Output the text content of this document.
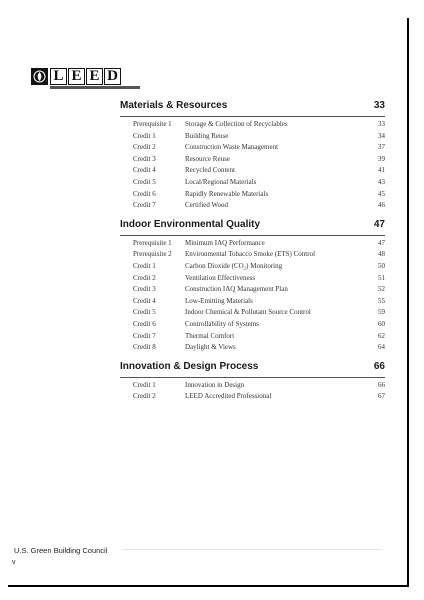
L E E D
Materials & Resources	33
Prerequisite 1	Storage & Collection of Recyclables	33
Credit 1	Building Reuse	34
Credit 2	Construction Waste Management	37
Credit 3	Resource Reuse	39
Credit 4	Recycled Content	41
Credit 5	Local/Regional Materials	43
Credit 6	Rapidly Renewable Materials	45
Credit 7	Certified Wood	46
Indoor Environmental Quality	47
Prerequisite 1	Minimum IAQ Performance	47
Prerequisite 2	Environmental Tobacco Smoke (ETS) Control	48
Credit 1	Carbon Dioxide (CO₂) Monitoring	50
Credit 2	Ventilation Effectiveness	51
Credit 3	Construction IAQ Management Plan	52
Credit 4	Low-Emitting Materials	55
Credit 5	Indoor Chemical & Pollutant Source Control	59
Credit 6	Controllability of Systems	60
Credit 7	Thermal Comfort	62
Credit 8	Daylight & Views	64
Innovation & Design Process	66
Credit 1	Innovation in Design	66
Credit 2	LEED Accredited Professional	67
U.S. Green Building Council
v
